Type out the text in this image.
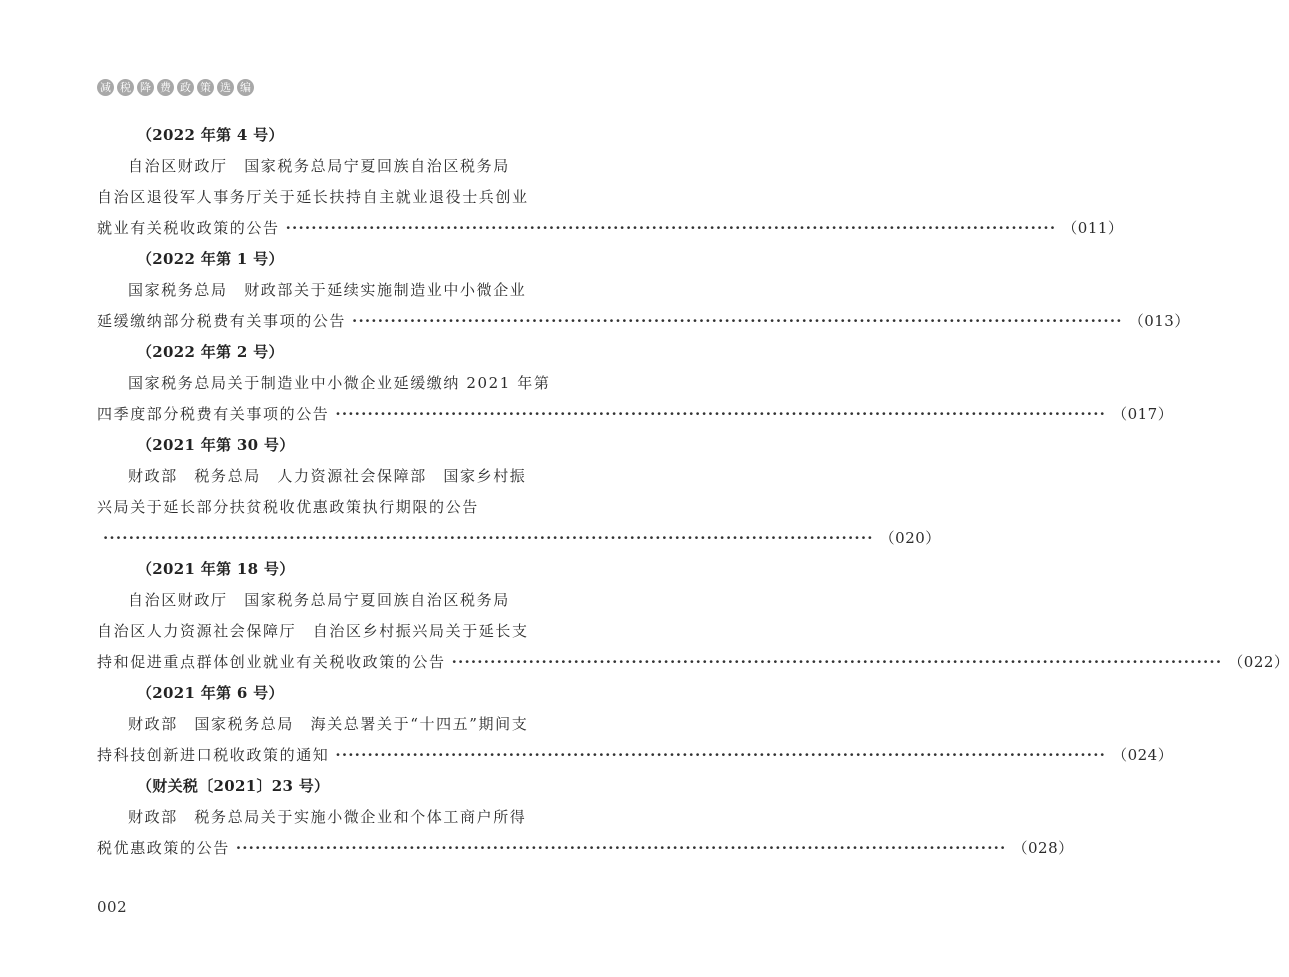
减 税 降 费 政 策 选 编
（2022 年第 4 号）
自治区财政厅　国家税务总局宁夏回族自治区税务局
自治区退役军人事务厅关于延长扶持自主就业退役士兵创业
就业有关税收政策的公告 ························································································································ （011）
（2022 年第 1 号）
国家税务总局　财政部关于延续实施制造业中小微企业
延缓缴纳部分税费有关事项的公告 ························································································································ （013）
（2022 年第 2 号）
国家税务总局关于制造业中小微企业延缓缴纳 2021 年第
四季度部分税费有关事项的公告 ························································································································ （017）
（2021 年第 30 号）
财政部　税务总局　人力资源社会保障部　国家乡村振
兴局关于延长部分扶贫税收优惠政策执行期限的公告
························································································································ （020）
（2021 年第 18 号）
自治区财政厅　国家税务总局宁夏回族自治区税务局
自治区人力资源社会保障厅　自治区乡村振兴局关于延长支
持和促进重点群体创业就业有关税收政策的公告 ························································································································ （022）
（2021 年第 6 号）
财政部　国家税务总局　海关总署关于“十四五”期间支
持科技创新进口税收政策的通知 ························································································································ （024）
（财关税〔2021〕23 号）
财政部　税务总局关于实施小微企业和个体工商户所得
税优惠政策的公告 ························································································································ （028）
002
